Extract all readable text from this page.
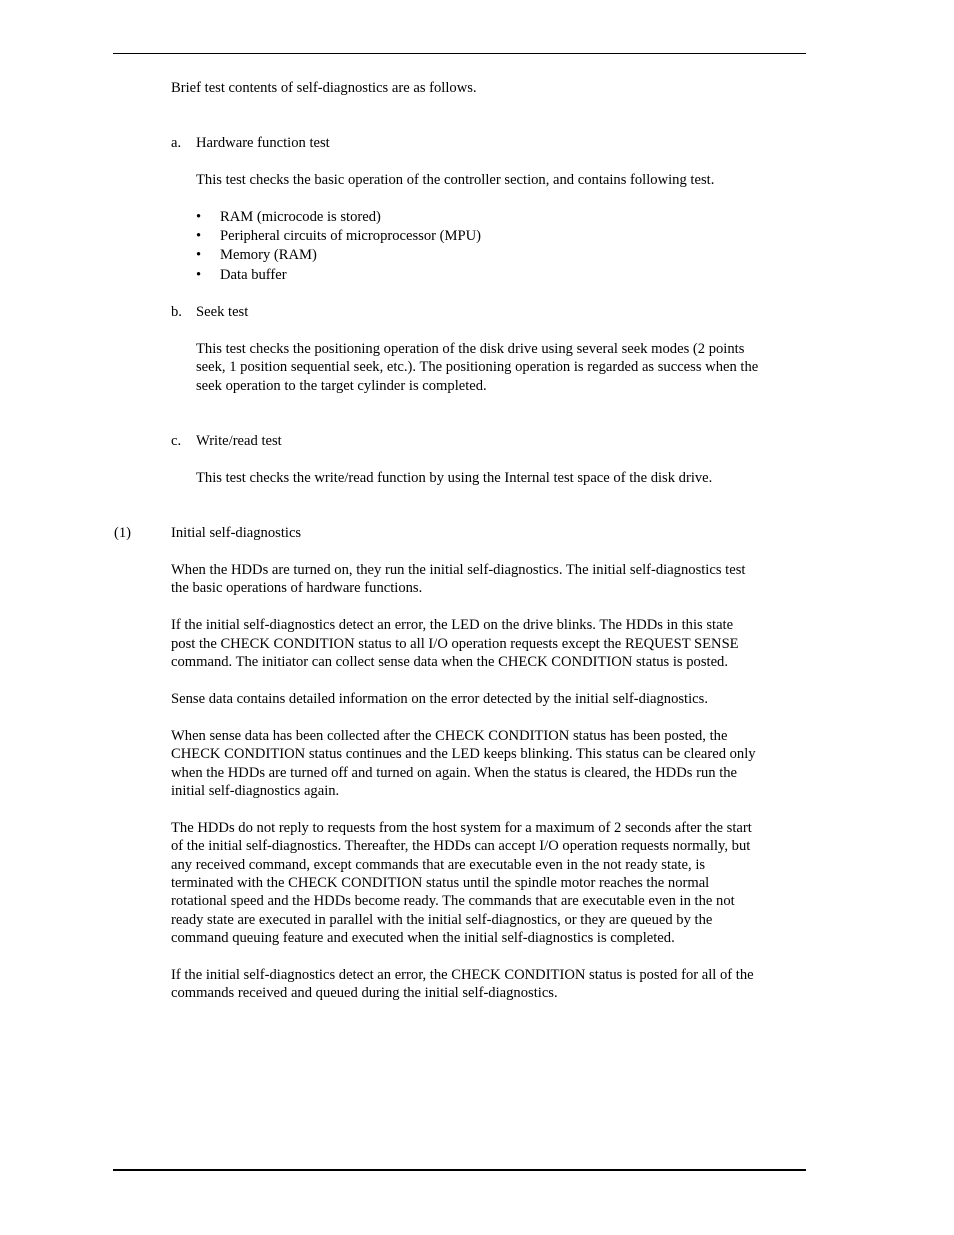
Brief test contents of self-diagnostics are as follows.
a. Hardware function test
This test checks the basic operation of the controller section, and contains following test.
• RAM (microcode is stored)
• Peripheral circuits of microprocessor (MPU)
• Memory (RAM)
• Data buffer
b. Seek test
This test checks the positioning operation of the disk drive using several seek modes (2 points
seek, 1 position sequential seek, etc.). The positioning operation is regarded as success when the
seek operation to the target cylinder is completed.
c. Write/read test
This test checks the write/read function by using the Internal test space of the disk drive.
(1)	Initial self-diagnostics
When the HDDs are turned on, they run the initial self-diagnostics. The initial self-diagnostics test
the basic operations of hardware functions.
If the initial self-diagnostics detect an error, the LED on the drive blinks. The HDDs in this state
post the CHECK CONDITION status to all I/O operation requests except the REQUEST SENSE
command. The initiator can collect sense data when the CHECK CONDITION status is posted.
Sense data contains detailed information on the error detected by the initial self-diagnostics.
When sense data has been collected after the CHECK CONDITION status has been posted, the
CHECK CONDITION status continues and the LED keeps blinking. This status can be cleared only
when the HDDs are turned off and turned on again. When the status is cleared, the HDDs run the
initial self-diagnostics again.
The HDDs do not reply to requests from the host system for a maximum of 2 seconds after the start
of the initial self-diagnostics. Thereafter, the HDDs can accept I/O operation requests normally, but
any received command, except commands that are executable even in the not ready state, is
terminated with the CHECK CONDITION status until the spindle motor reaches the normal
rotational speed and the HDDs become ready. The commands that are executable even in the not
ready state are executed in parallel with the initial self-diagnostics, or they are queued by the
command queuing feature and executed when the initial self-diagnostics is completed.
If the initial self-diagnostics detect an error, the CHECK CONDITION status is posted for all of the
commands received and queued during the initial self-diagnostics.
